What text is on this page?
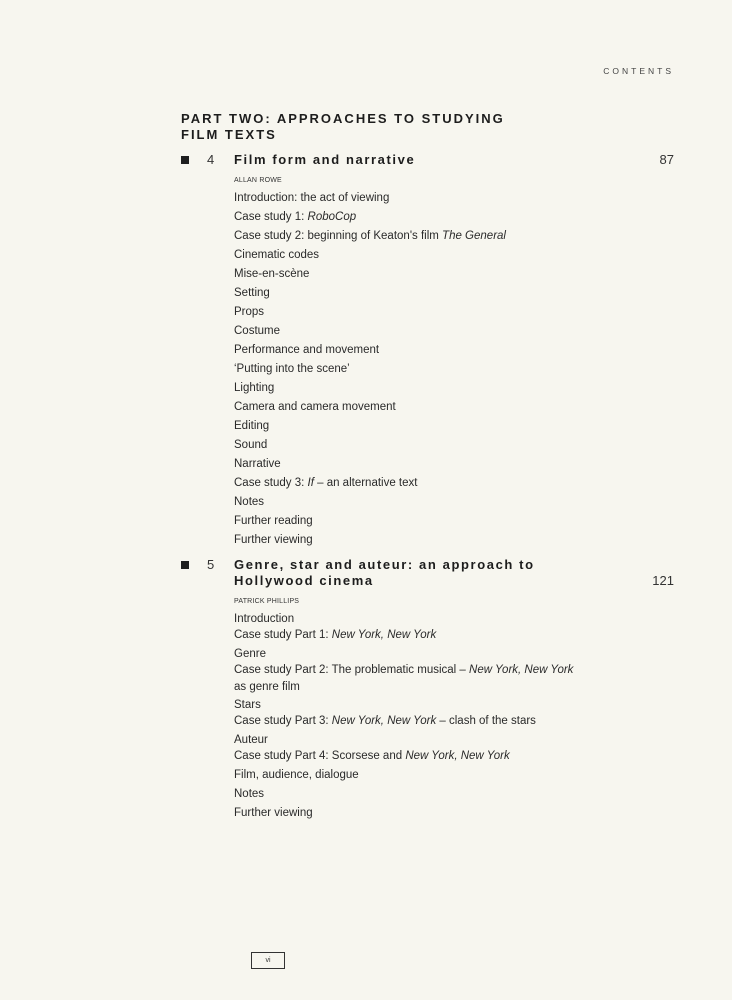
CONTENTS
PART TWO: APPROACHES TO STUDYING
FILM TEXTS
4 Film form and narrative	87
ALLAN ROWE
5 Genre, star and auteur: an approach to
Hollywood cinema	121
PATRICK PHILLIPS
Introduction: the act of viewing
Case study 1: RoboCop
Case study 2: beginning of Keaton's film The General
Cinematic codes
Mise-en-scène
Setting
Props
Costume
Performance and movement
‘Putting into the scene’
Lighting
Camera and camera movement
Editing
Sound
Narrative
Case study 3: If – an alternative text
Notes
Further reading
Further viewing
Introduction
Case study Part 1: New York, New York
Genre
Case study Part 2: The problematic musical – New York, New York
as genre film
Stars
Case study Part 3: New York, New York – clash of the stars
Auteur
Case study Part 4: Scorsese and New York, New York
Film, audience, dialogue
Notes
Further viewing
vi
